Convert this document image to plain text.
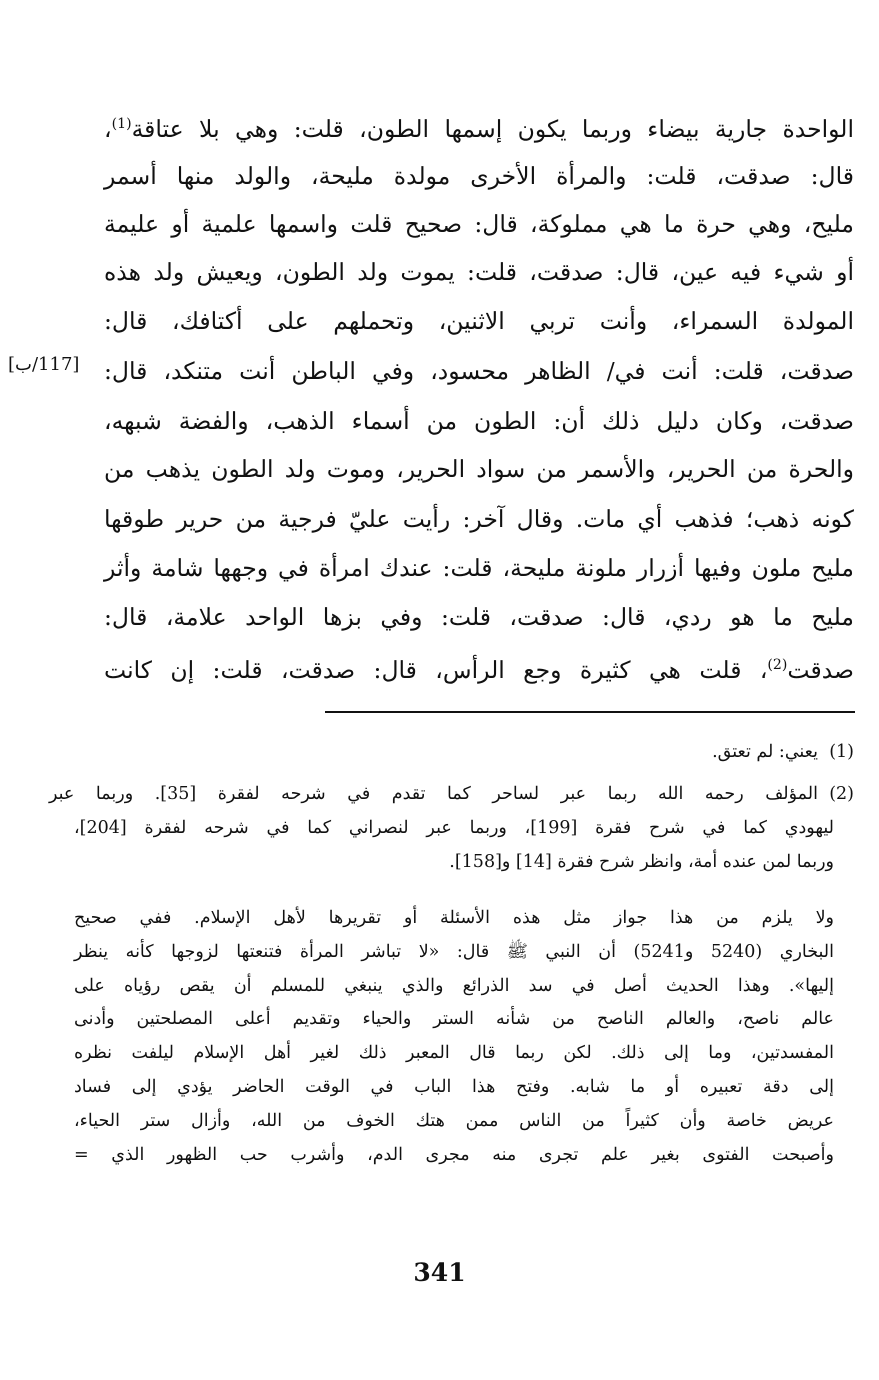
الواحدة جارية بيضاء وربما يكون إسمها الطون، قلت: وهي بلا عتاقة$^{(1)}$،
قال: صدقت، قلت: والمرأة الأخرى مولدة مليحة، والولد منها أسمر
مليح، وهي حرة ما هي مملوكة، قال: صحيح قلت واسمها علمية أو عليمة
أو شيء فيه عين، قال: صدقت، قلت: يموت ولد الطون، ويعيش ولد هذه
المولدة السمراء، وأنت تربي الاثنين، وتحملهم على أكتافك، قال:
صدقت، قلت: أنت في/ الظاهر محسود، وفي الباطن أنت متنكد، قال:
صدقت، وكان دليل ذلك أن: الطون من أسماء الذهب، والفضة شبهه،
والحرة من الحرير، والأسمر من سواد الحرير، وموت ولد الطون يذهب من
كونه ذهب؛ فذهب أي مات. وقال آخر: رأيت عليّ فرجية من حرير طوقها
مليح ملون وفيها أزرار ملونة مليحة، قلت: عندك امرأة في وجهها شامة وأثر
مليح ما هو ردي، قال: صدقت، قلت: وفي بزها الواحد علامة، قال:
صدقت$^{(2)}$، قلت هي كثيرة وجع الرأس، قال: صدقت، قلت: إن كانت
[117/ب]
(1)
يعني: لم تعتق.
(2)
المؤلف رحمه الله ربما عبر لساحر كما تقدم في شرحه لفقرة [35]. وربما عبر
ليهودي كما في شرح فقرة [199]، وربما عبر لنصراني كما في شرحه لفقرة [204]،
وربما لمن عنده أمة، وانظر شرح فقرة [14] و[158].
ولا يلزم من هذا جواز مثل هذه الأسئلة أو تقريرها لأهل الإسلام. ففي صحيح
البخاري (5240 و5241) أن النبي ﷺ قال: «لا تباشر المرأة فتنعتها لزوجها كأنه ينظر
إليها». وهذا الحديث أصل في سد الذرائع والذي ينبغي للمسلم أن يقص رؤياه على
عالم ناصح، والعالم الناصح من شأنه الستر والحياء وتقديم أعلى المصلحتين وأدنى
المفسدتين، وما إلى ذلك. لكن ربما قال المعبر ذلك لغير أهل الإسلام ليلفت نظره
إلى دقة تعبيره أو ما شابه. وفتح هذا الباب في الوقت الحاضر يؤدي إلى فساد
عريض خاصة وأن كثيراً من الناس ممن هتك الخوف من الله، وأزال ستر الحياء،
وأصبحت الفتوى بغير علم تجرى منه مجرى الدم، وأشرب حب الظهور الذي =
341
